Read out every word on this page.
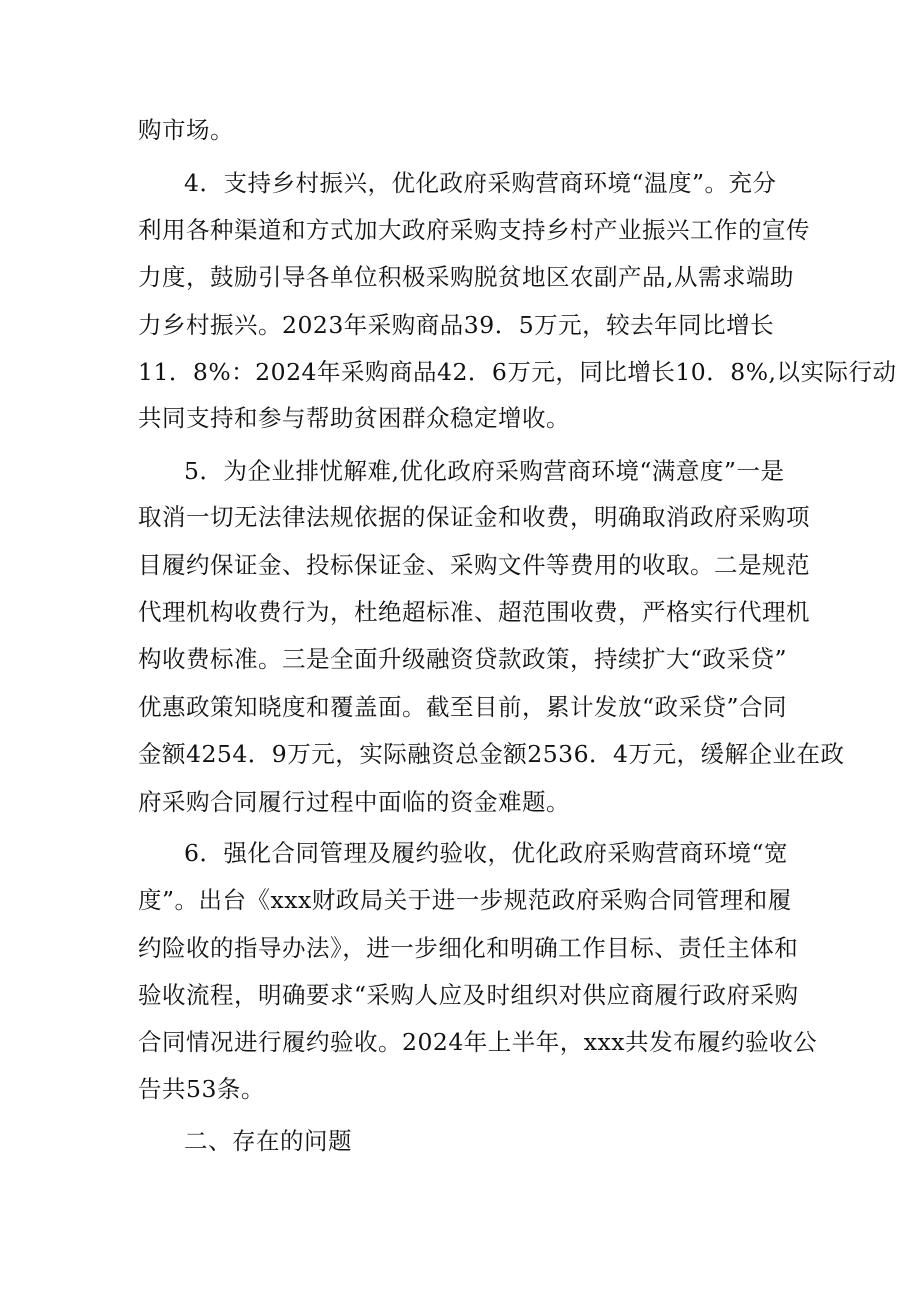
购市场。
4．支持乡村振兴，优化政府采购营商环境“温度”。充分
利用各种渠道和方式加大政府采购支持乡村产业振兴工作的宣传
力度，鼓励引导各单位积极采购脱贫地区农副产品,从需求端助
力乡村振兴。2023年采购商品39．5万元，较去年同比增长
11．8%：2024年采购商品42．6万元，同比增长10．8%,以实际行动
共同支持和参与帮助贫困群众稳定增收。
5．为企业排忧解难,优化政府采购营商环境“满意度”一是
取消一切无法律法规依据的保证金和收费，明确取消政府采购项
目履约保证金、投标保证金、采购文件等费用的收取。二是规范
代理机构收费行为，杜绝超标准、超范围收费，严格实行代理机
构收费标准。三是全面升级融资贷款政策，持续扩大“政采贷”
优惠政策知晓度和覆盖面。截至目前，累计发放“政采贷”合同
金额4254．9万元，实际融资总金额2536．4万元，缓解企业在政
府采购合同履行过程中面临的资金难题。
6．强化合同管理及履约验收，优化政府采购营商环境“宽
度”。出台《xxx财政局关于进一步规范政府采购合同管理和履
约险收的指导办法》，进一步细化和明确工作目标、责任主体和
验收流程，明确要求“采购人应及时组织对供应商履行政府采购
合同情况进行履约验收。2024年上半年，xxx共发布履约验收公
告共53条。
二、存在的问题
